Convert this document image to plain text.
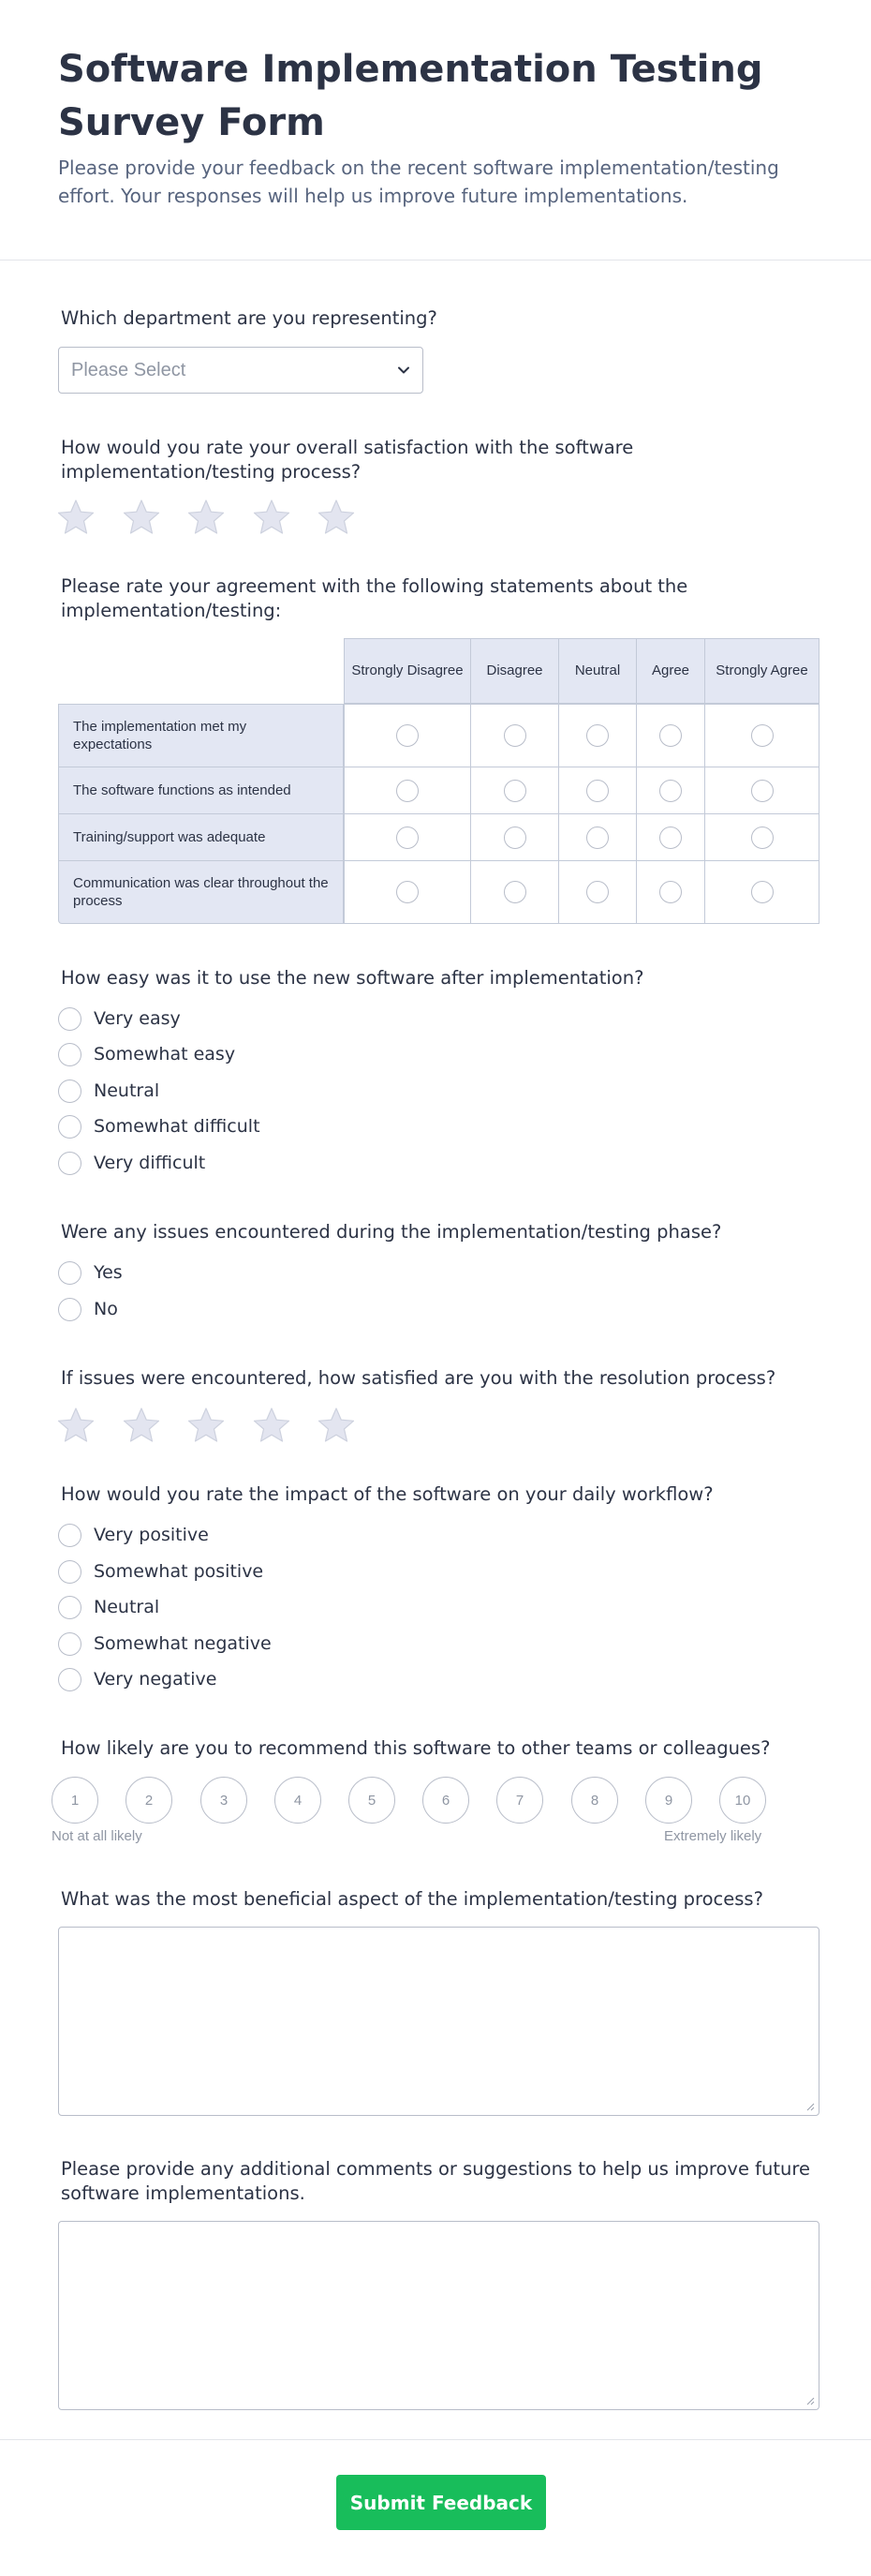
Software Implementation Testing Survey Form
Please provide your feedback on the recent software implementation/testing effort. Your responses will help us improve future implementations.
Which department are you representing?
Please Select
How would you rate your overall satisfaction with the software implementation/testing process?
Please rate your agreement with the following statements about the implementation/testing:
Strongly Disagree	Disagree	Neutral	Agree	Strongly Agree
The implementation met my expectations
The software functions as intended
Training/support was adequate
Communication was clear throughout the process
How easy was it to use the new software after implementation?
Very easy
Somewhat easy
Neutral
Somewhat difficult
Very difficult
Were any issues encountered during the implementation/testing phase?
Yes
No
If issues were encountered, how satisfied are you with the resolution process?
How would you rate the impact of the software on your daily workflow?
Very positive
Somewhat positive
Neutral
Somewhat negative
Very negative
How likely are you to recommend this software to other teams or colleagues?
1	2	3	4	5	6	7	8	9	10
Not at all likely	Extremely likely
What was the most beneficial aspect of the implementation/testing process?
Please provide any additional comments or suggestions to help us improve future software implementations.
Submit Feedback
